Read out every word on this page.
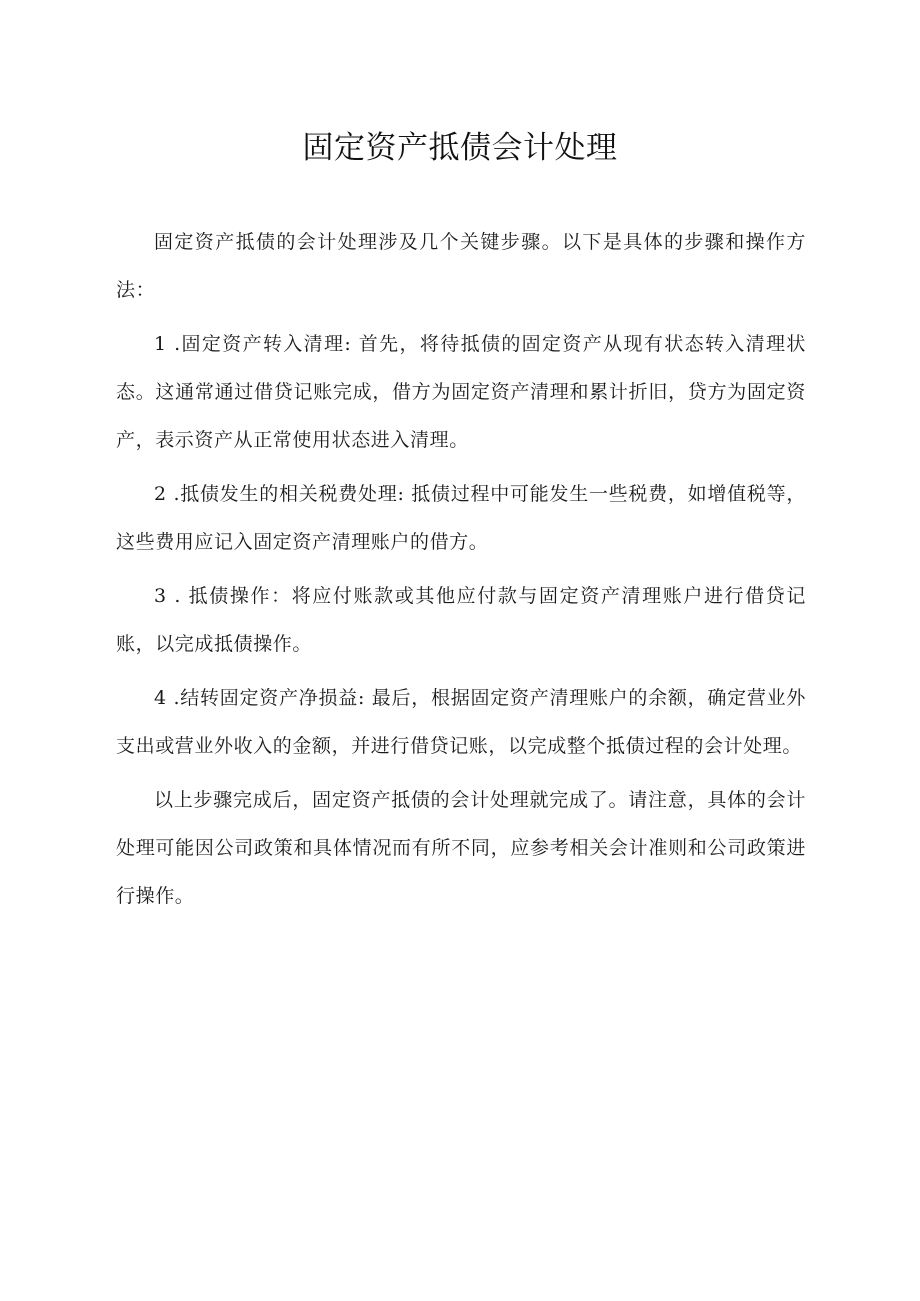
固定资产抵债会计处理

固定资产抵债的会计处理涉及几个关键步骤。以下是具体的步骤和操作方法：

1 .固定资产转入清理: 首先，将待抵债的固定资产从现有状态转入清理状态。这通常通过借贷记账完成，借方为固定资产清理和累计折旧，贷方为固定资产，表示资产从正常使用状态进入清理。

2 .抵债发生的相关税费处理: 抵债过程中可能发生一些税费，如增值税等，这些费用应记入固定资产清理账户的借方。

3 . 抵债操作：将应付账款或其他应付款与固定资产清理账户进行借贷记账，以完成抵债操作。

4 .结转固定资产净损益: 最后，根据固定资产清理账户的余额，确定营业外支出或营业外收入的金额，并进行借贷记账，以完成整个抵债过程的会计处理。

以上步骤完成后，固定资产抵债的会计处理就完成了。请注意，具体的会计处理可能因公司政策和具体情况而有所不同，应参考相关会计准则和公司政策进行操作。
